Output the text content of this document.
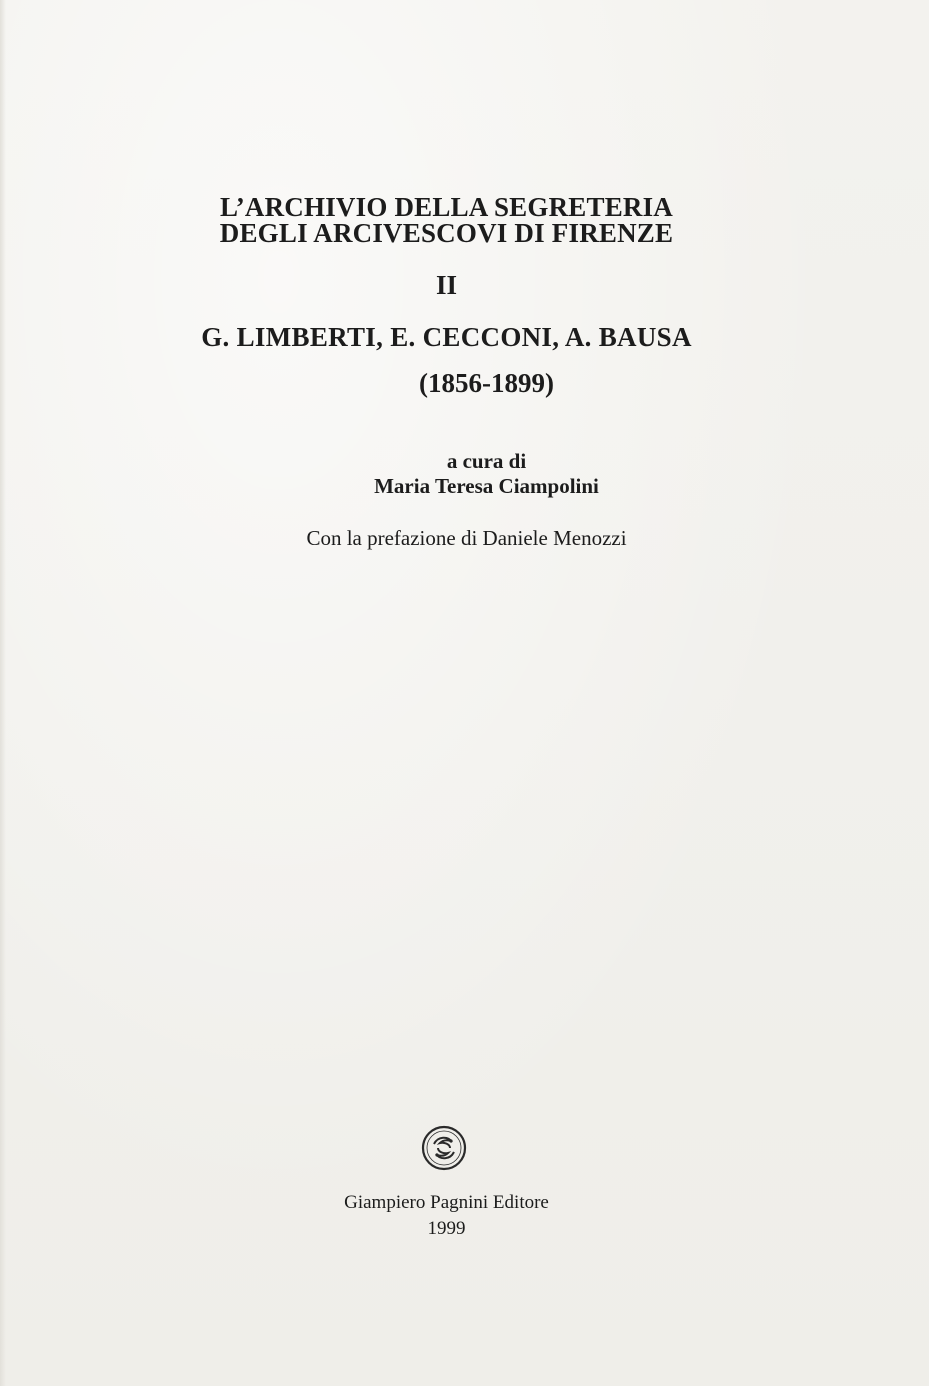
L’ARCHIVIO DELLA SEGRETERIA

DEGLI ARCIVESCOVI DI FIRENZE

II

G. LIMBERTI, E. CECCONI, A. BAUSA

(1856-1899)

a cura di

Maria Teresa Ciampolini

Con la prefazione di Daniele Menozzi

Giampiero Pagnini Editore

1999
